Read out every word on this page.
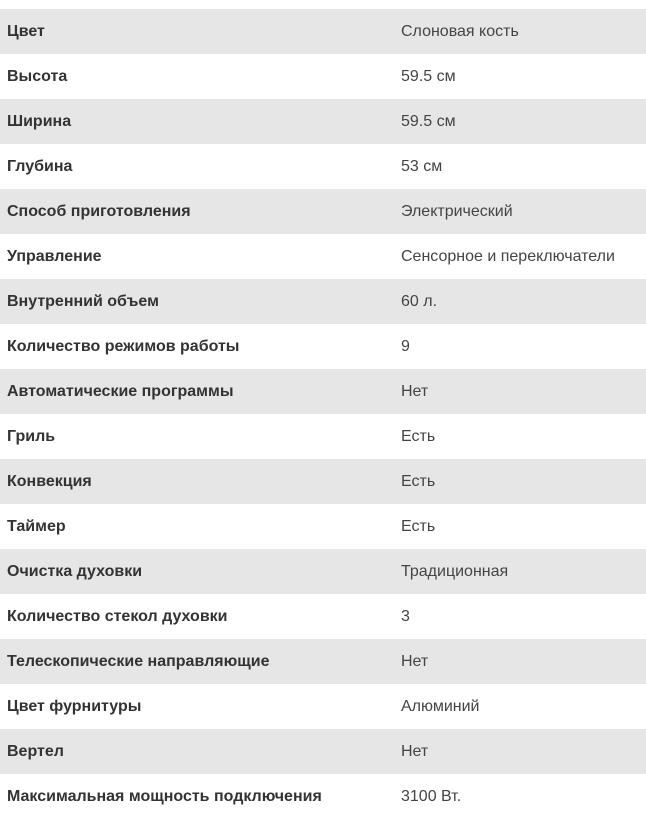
Цвет	Слоновая кость
Высота	59.5 см
Ширина	59.5 см
Глубина	53 см
Способ приготовления	Электрический
Управление	Сенсорное и переключатели
Внутренний объем	60 л.
Количество режимов работы	9
Автоматические программы	Нет
Гриль	Есть
Конвекция	Есть
Таймер	Есть
Очистка духовки	Традиционная
Количество стекол духовки	3
Телескопические направляющие	Нет
Цвет фурнитуры	Алюминий
Вертел	Нет
Максимальная мощность подключения	3100 Вт.
